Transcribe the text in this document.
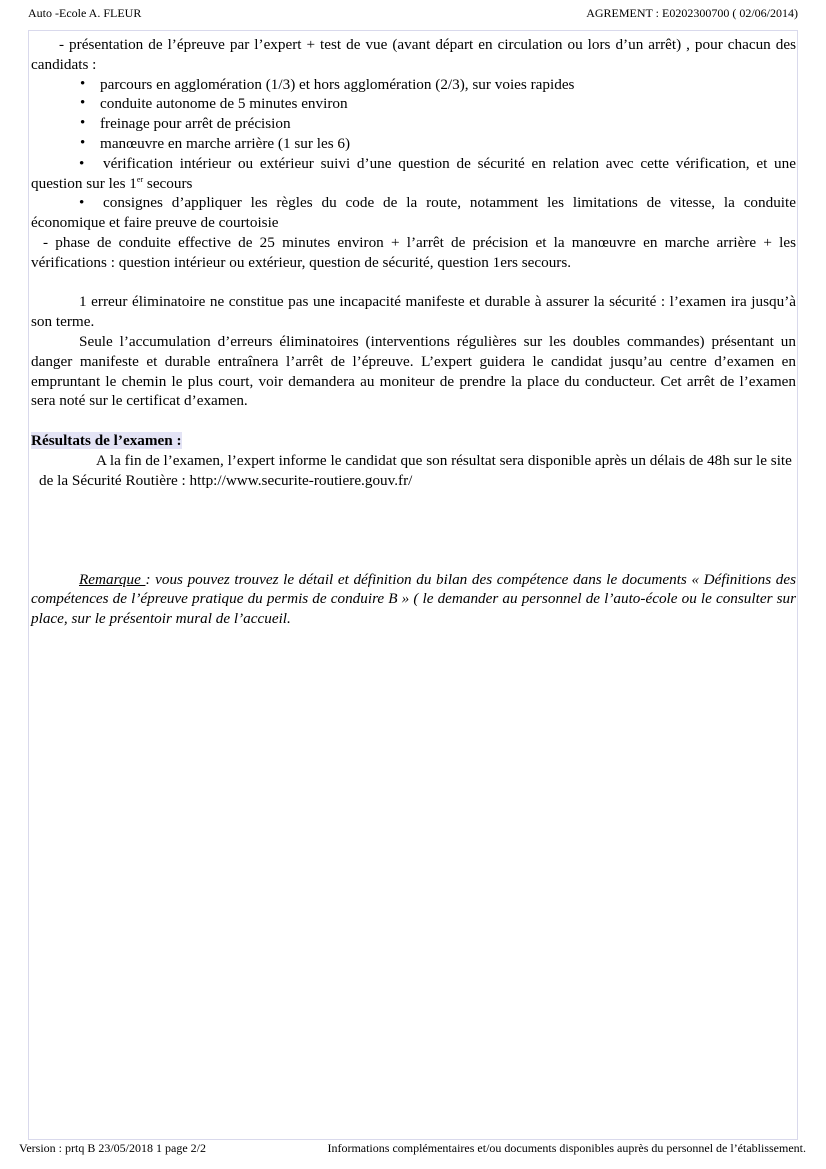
Auto -Ecole A. FLEUR	AGREMENT : E0202300700 ( 02/06/2014)

- présentation de l’épreuve par l’expert + test de vue (avant départ en circulation ou lors d’un arrêt) , pour chacun des candidats :

• parcours en agglomération (1/3) et hors agglomération (2/3), sur voies rapides
• conduite autonome de 5 minutes environ
• freinage pour arrêt de précision
• manœuvre en marche arrière (1 sur les 6)

• vérification intérieur ou extérieur suivi d’une question de sécurité en relation avec cette vérification, et une question sur les 1er secours

• consignes d’appliquer les règles du code de la route, notamment les limitations de vitesse, la conduite économique et faire preuve de courtoisie

- phase de conduite effective de 25 minutes environ + l’arrêt de précision et la manœuvre en marche arrière + les vérifications : question intérieur ou extérieur, question de sécurité, question 1ers secours.

1 erreur éliminatoire ne constitue pas une incapacité manifeste et durable à assurer la sécurité : l’examen ira jusqu’à son terme.

Seule l’accumulation d’erreurs éliminatoires (interventions régulières sur les doubles commandes) présentant un danger manifeste et durable entraînera l’arrêt de l’épreuve. L’expert guidera le candidat jusqu’au centre d’examen en empruntant le chemin le plus court, voir demandera au moniteur de prendre la place du conducteur. Cet arrêt de l’examen sera noté sur le certificat d’examen.

Résultats de l’examen :

A la fin de l’examen, l’expert informe le candidat que son résultat sera disponible après un délais de 48h sur le site de la Sécurité Routière : http://www.securite-routiere.gouv.fr/

Remarque : vous pouvez trouvez le détail et définition du bilan des compétence dans le documents « Définitions des compétences de l’épreuve pratique du permis de conduire B » ( le demander au personnel de l’auto-école ou le consulter sur place, sur le présentoir mural de l’accueil.

Version : prtq B 23/05/2018 1 page 2/2	Informations complémentaires et/ou documents disponibles auprès du personnel de l’établissement.
